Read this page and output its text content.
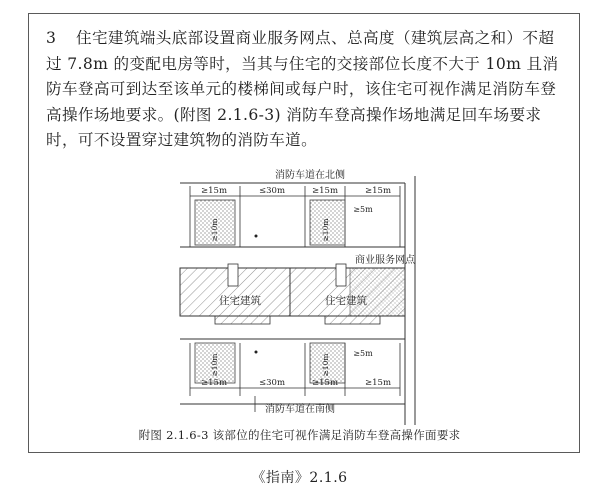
3 住宅建筑端头底部设置商业服务网点、总高度（建筑层高之和）不超过 7.8m 的变配电房等时，当其与住宅的交接部位长度不大于 10m 且消防车登高可到达至该单元的楼梯间或每户时，该住宅可视作满足消防车登高操作场地要求。(附图 2.1.6-3) 消防车登高操作场地满足回车场要求时，可不设置穿过建筑物的消防车道。

消防车道在北侧
≥15m	≤30m	≥15m	≥15m
≥5m
≥10m	≥10m
住宅建筑	住宅建筑
商业服务网点
≥10m	≥10m
≥5m
≥15m	≤30m	≥15m	≥15m
消防车道在南侧
附图 2.1.6-3 该部位的住宅可视作满足消防车登高操作面要求
《指南》2.1.6
